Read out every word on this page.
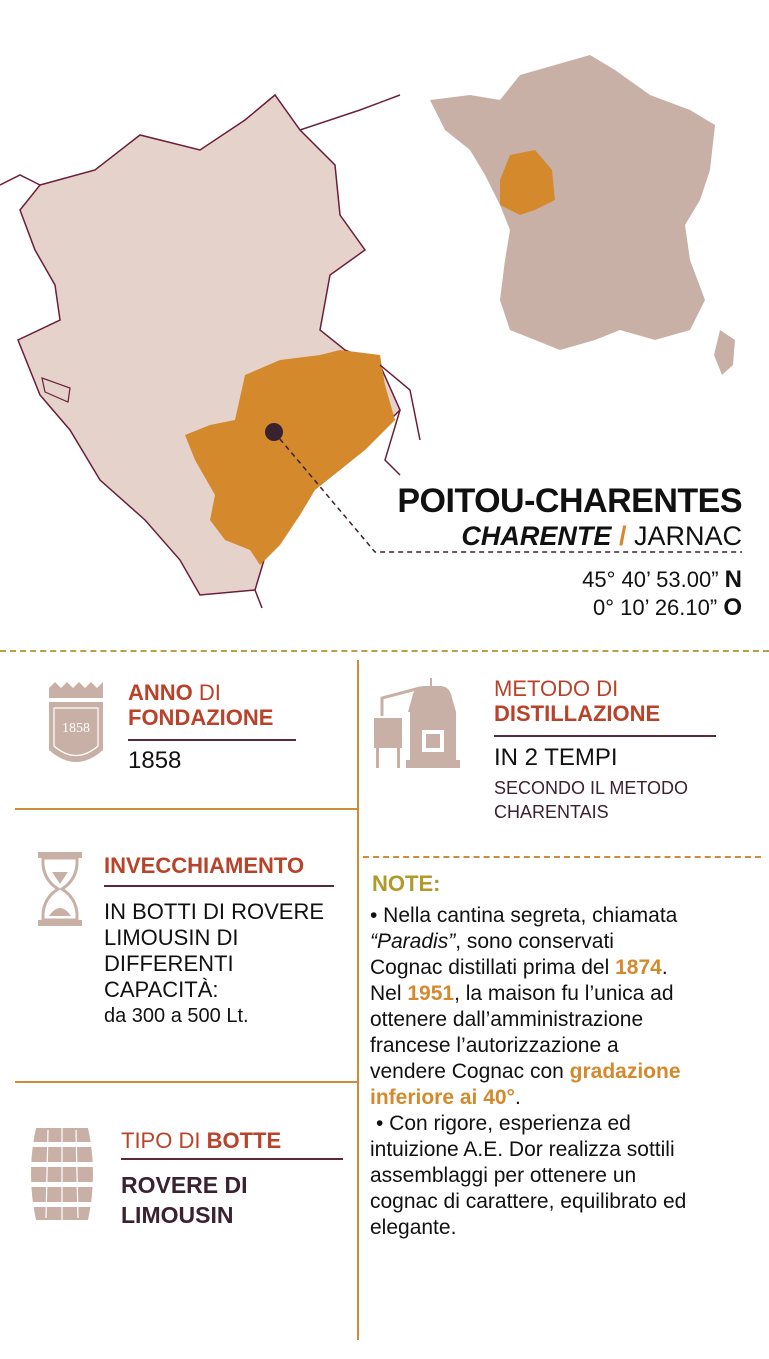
POITOU-CHARENTES
CHARENTE / JARNAC
45° 40’ 53.00” N
0° 10’ 26.10” O
1858
ANNO DI
FONDAZIONE
1858
INVECCHIAMENTO
IN BOTTI DI ROVERE
LIMOUSIN DI
DIFFERENTI
CAPACITÀ:
da 300 a 500 Lt.
TIPO DI BOTTE
ROVERE DI
LIMOUSIN
METODO DI
DISTILLAZIONE
IN 2 TEMPI
SECONDO IL METODO
CHARENTAIS
NOTE:
• Nella cantina segreta, chiamata
“Paradis”, sono conservati
Cognac distillati prima del 1874.
Nel 1951, la maison fu l’unica ad
ottenere dall’amministrazione
francese l’autorizzazione a
vendere Cognac con gradazione
inferiore ai 40°.
• Con rigore, esperienza ed
intuizione A.E. Dor realizza sottili
assemblaggi per ottenere un
cognac di carattere, equilibrato ed
elegante.
